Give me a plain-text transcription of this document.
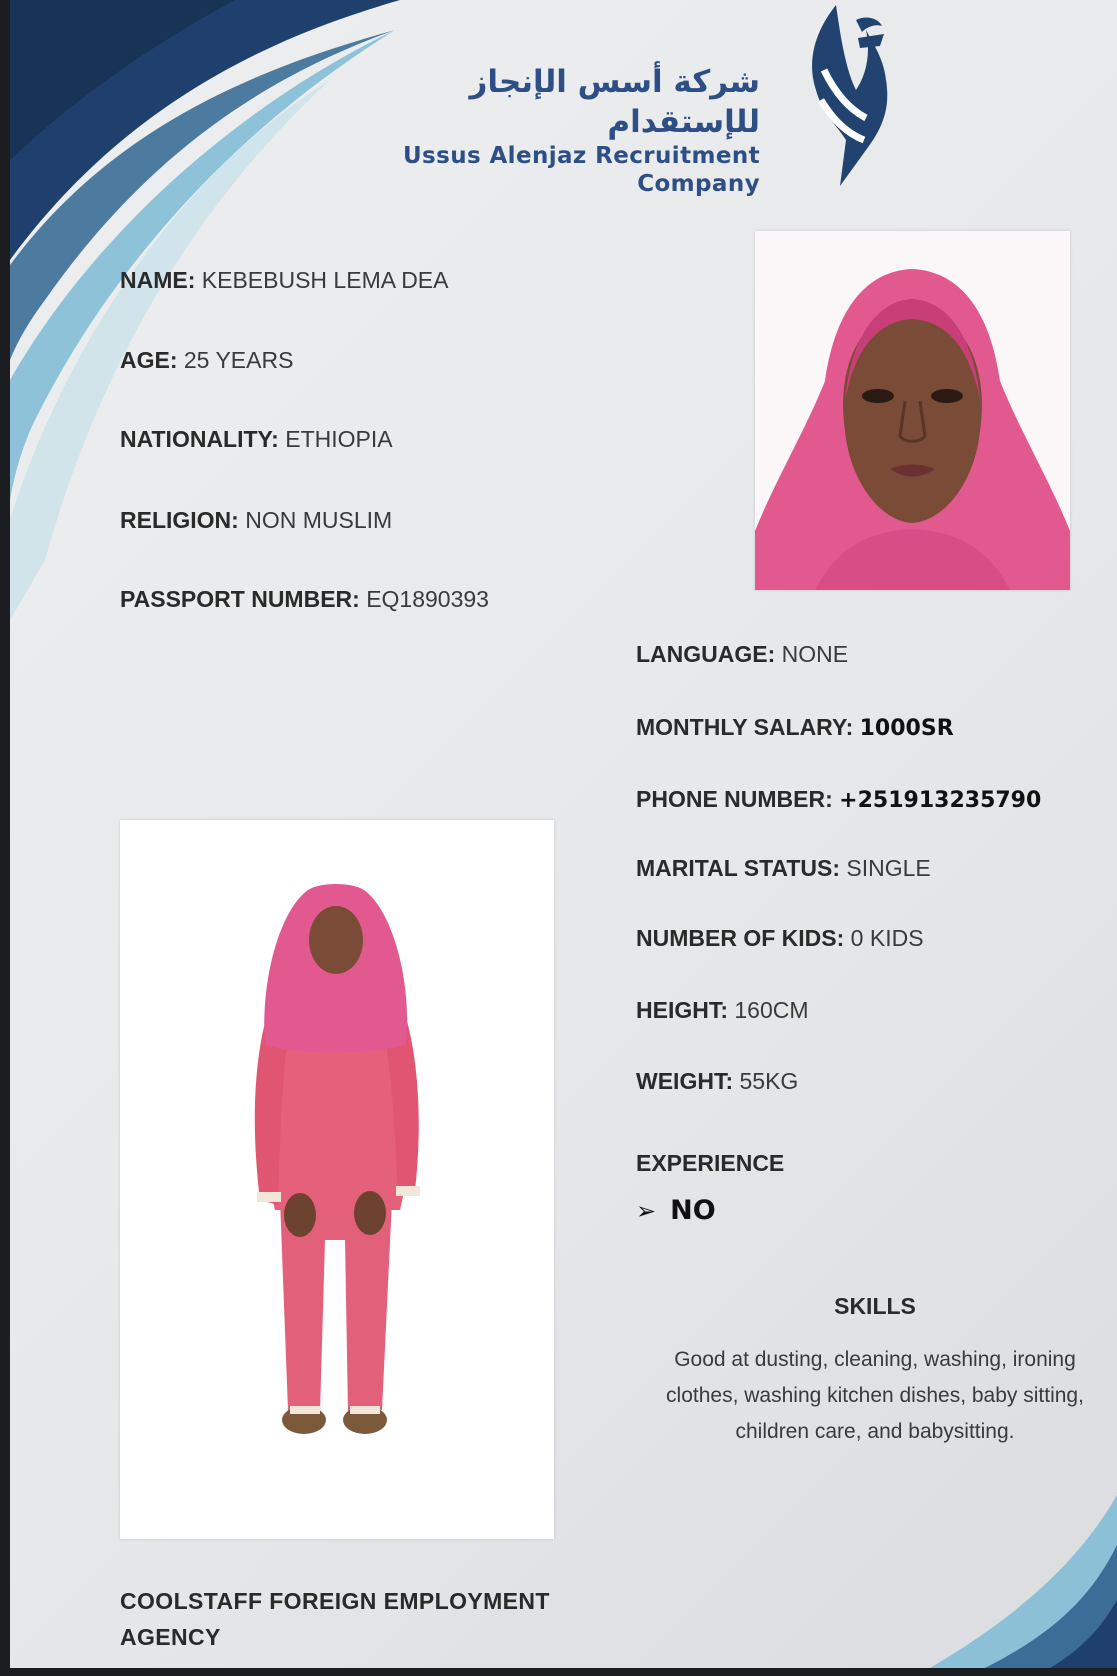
شركة أسس الإنجاز للإستقدام
Ussus Alenjaz Recruitment Company
NAME: KEBEBUSH LEMA DEA
AGE: 25 YEARS
NATIONALITY: ETHIOPIA
RELIGION: NON MUSLIM
PASSPORT NUMBER: EQ1890393
LANGUAGE: NONE
MONTHLY SALARY: 1000SR
PHONE NUMBER: +251913235790
MARITAL STATUS: SINGLE
NUMBER OF KIDS: 0 KIDS
HEIGHT: 160CM
WEIGHT: 55KG
EXPERIENCE
➢ NO
SKILLS
Good at dusting, cleaning, washing, ironing clothes, washing kitchen dishes, baby sitting, children care, and babysitting.
COOLSTAFF FOREIGN EMPLOYMENT
AGENCY
